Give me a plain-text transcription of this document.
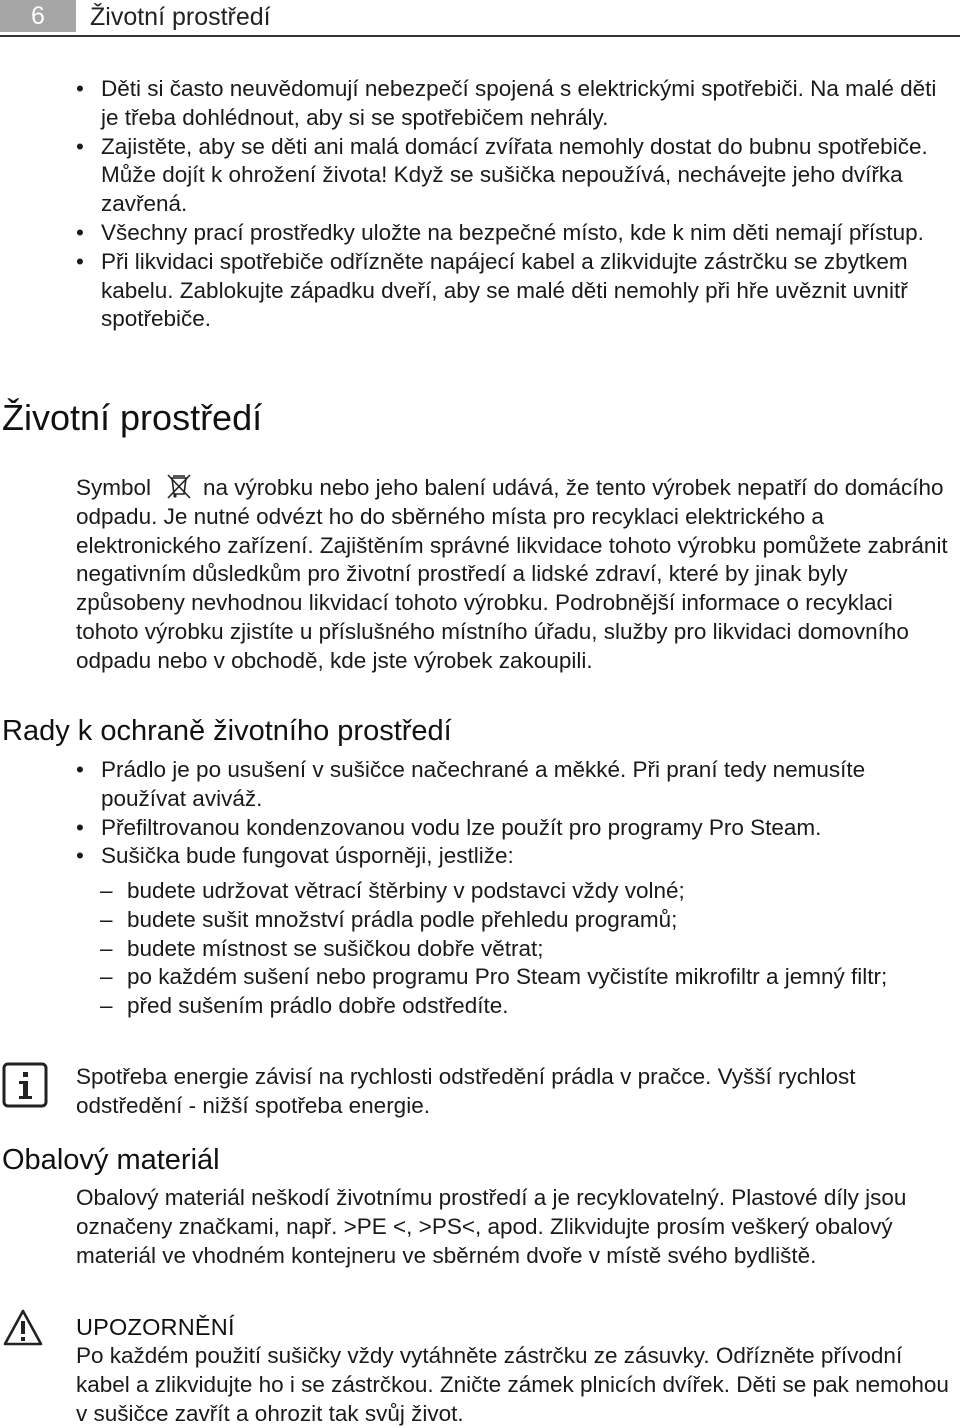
6	Životní prostředí
• Děti si často neuvědomují nebezpečí spojená s elektrickými spotřebiči. Na malé děti je třeba dohlédnout, aby si se spotřebičem nehrály.
• Zajistěte, aby se děti ani malá domácí zvířata nemohly dostat do bubnu spotřebiče. Může dojít k ohrožení života! Když se sušička nepoužívá, nechávejte jeho dvířka zavřená.
• Všechny prací prostředky uložte na bezpečné místo, kde k nim děti nemají přístup.
• Při likvidaci spotřebiče odřízněte napájecí kabel a zlikvidujte zástrčku se zbytkem kabelu. Zablokujte západku dveří, aby se malé děti nemohly při hře uvěznit uvnitř spotřebiče.
Životní prostředí

Symbol na výrobku nebo jeho balení udává, že tento výrobek nepatří do domácího odpadu. Je nutné odvézt ho do sběrného místa pro recyklaci elektrického a elektronického zařízení. Zajištěním správné likvidace tohoto výrobku pomůžete zabránit negativním důsledkům pro životní prostředí a lidské zdraví, které by jinak byly způsobeny nevhodnou likvidací tohoto výrobku. Podrobnější informace o recyklaci tohoto výrobku zjistíte u příslušného místního úřadu, služby pro likvidaci domovního odpadu nebo v obchodě, kde jste výrobek zakoupili.

Rady k ochraně životního prostředí
• Prádlo je po usušení v sušičce načechrané a měkké. Při praní tedy nemusíte používat aviváž.
• Přefiltrovanou kondenzovanou vodu lze použít pro programy Pro Steam.
• Sušička bude fungovat úsporněji, jestliže:
– budete udržovat větrací štěrbiny v podstavci vždy volné;
– budete sušit množství prádla podle přehledu programů;
– budete místnost se sušičkou dobře větrat;
– po každém sušení nebo programu Pro Steam vyčistíte mikrofiltr a jemný filtr;
– před sušením prádlo dobře odstředíte.

Spotřeba energie závisí na rychlosti odstředění prádla v pračce. Vyšší rychlost odstředění - nižší spotřeba energie.

Obalový materiál

Obalový materiál neškodí životnímu prostředí a je recyklovatelný. Plastové díly jsou označeny značkami, např. >PE <, >PS<, apod. Zlikvidujte prosím veškerý obalový materiál ve vhodném kontejneru ve sběrném dvoře v místě svého bydliště.

UPOZORNĚNÍ
Po každém použití sušičky vždy vytáhněte zástrčku ze zásuvky. Odřízněte přívodní kabel a zlikvidujte ho i se zástrčkou. Zničte zámek plnicích dvířek. Děti se pak nemohou v sušičce zavřít a ohrozit tak svůj život.
